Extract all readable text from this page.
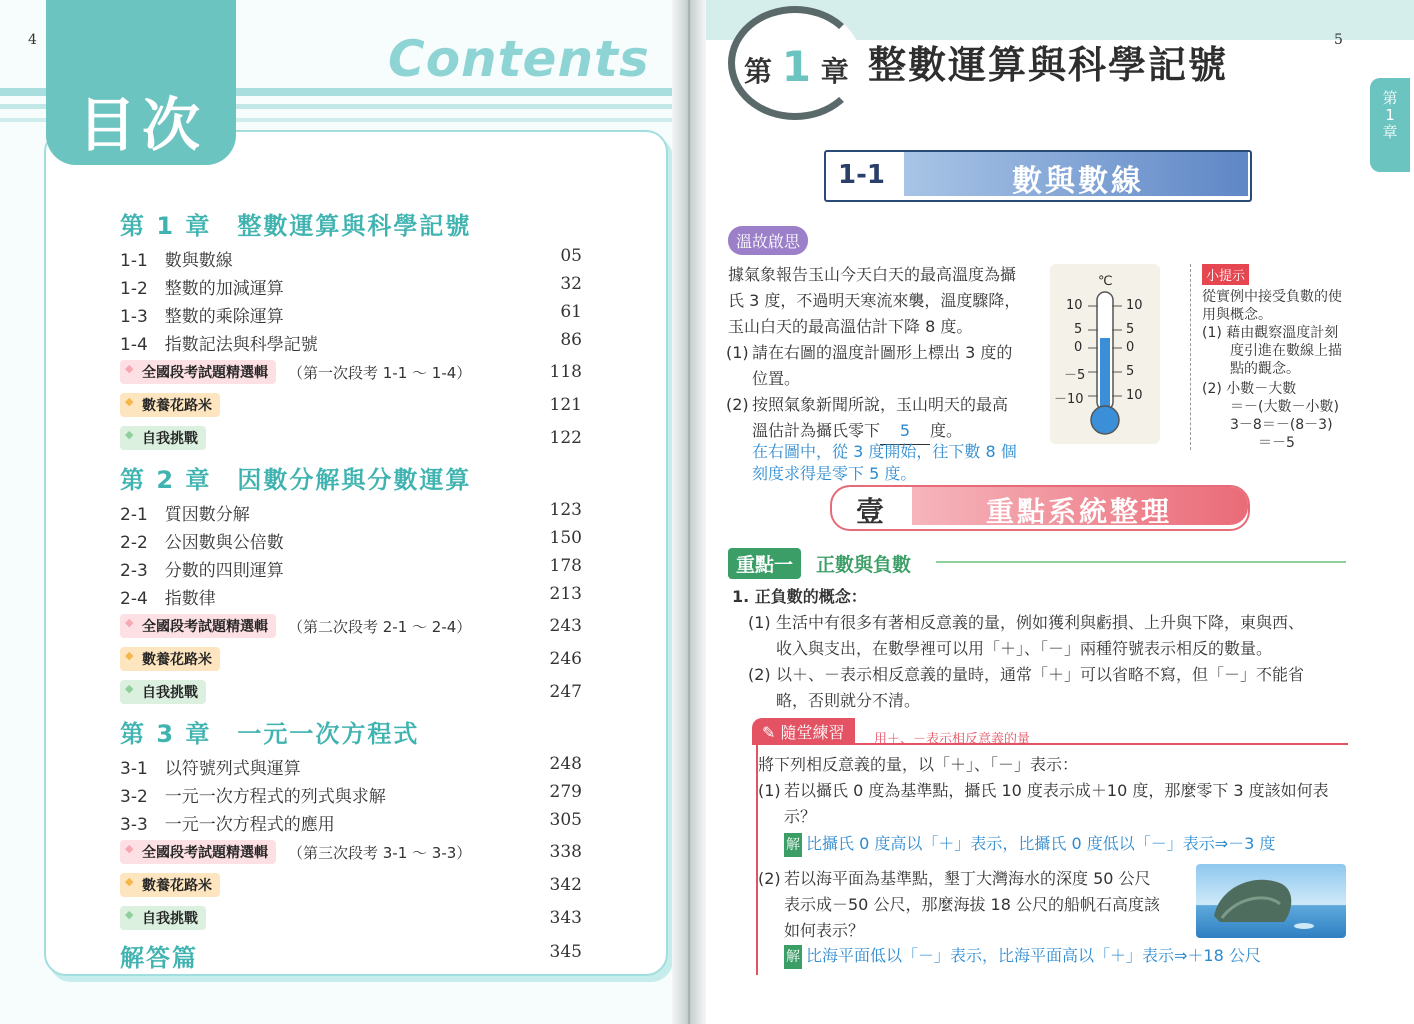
4	Contents
目次
第 1 章　整數運算與科學記號
1-1　 數與數線	05
1-2　 整數的加減運算	32
1-3　 整數的乘除運算	61
1-4　 指數記法與科學記號	86
◆ 全國段考試題精選輯	（第一次段考 1-1 ～ 1-4）	118
◆ 數養花路米	121
◆ 自我挑戰	122
第 2 章　因數分解與分數運算
2-1　 質因數分解	123
2-2　 公因數與公倍數	150
2-3　 分數的四則運算	178
2-4　 指數律	213
◆ 全國段考試題精選輯	（第二次段考 2-1 ～ 2-4）	243
◆ 數養花路米	246
◆ 自我挑戰	247
第 3 章　一元一次方程式
3-1　 以符號列式與運算	248
3-2　 一元一次方程式的列式與求解	279
3-3　 一元一次方程式的應用	305
◆ 全國段考試題精選輯	（第三次段考 3-1 ～ 3-3）	338
◆ 數養花路米	342
◆ 自我挑戰	343
解答篇	345
5
第 1 章 整數運算與科學記號
第
1
章
1-1	數與數線
溫故啟思
據氣象報告玉山今天白天的最高溫度為攝
氏 3 度，不過明天寒流來襲，溫度驟降，
玉山白天的最高溫估計下降 8 度。
(1) 請在右圖的溫度計圖形上標出 3 度的
位置。
(2) 按照氣象新聞所說，玉山明天的最高
溫估計為攝氏零下 5 度。
在右圖中，從 3 度開始，往下數 8 個
刻度求得是零下 5 度。
℃
10
5
0
－5
－10
10
5
0
5
10
小提示
從實例中接受負數的使
用與概念。
(1) 藉由觀察溫度計刻
　　度引進在數線上描
　　點的觀念。
(2) 小數－大數
　　＝－(大數－小數)
　　3－8＝－(8－3)
　　　　＝－5
壹	重點系統整理
重點一	正數與負數
1. 正負數的概念：
(1) 生活中有很多有著相反意義的量，例如獲利與虧損、上升與下降，東與西、
收入與支出，在數學裡可以用「＋」、「－」兩種符號表示相反的數量。
(2) 以＋、－表示相反意義的量時，通常「＋」可以省略不寫，但「－」不能省
略，否則就分不清。
✎ 隨堂練習	用＋、－表示相反意義的量
將下列相反意義的量，以「＋」、「－」表示：
(1) 若以攝氏 0 度為基準點，攝氏 10 度表示成＋10 度，那麼零下 3 度該如何表
示？
解 比攝氏 0 度高以「＋」表示，比攝氏 0 度低以「－」表示⇒－3 度
(2) 若以海平面為基準點，墾丁大灣海水的深度 50 公尺
表示成－50 公尺，那麼海拔 18 公尺的船帆石高度該
如何表示？
解 比海平面低以「－」表示，比海平面高以「＋」表示⇒＋18 公尺
